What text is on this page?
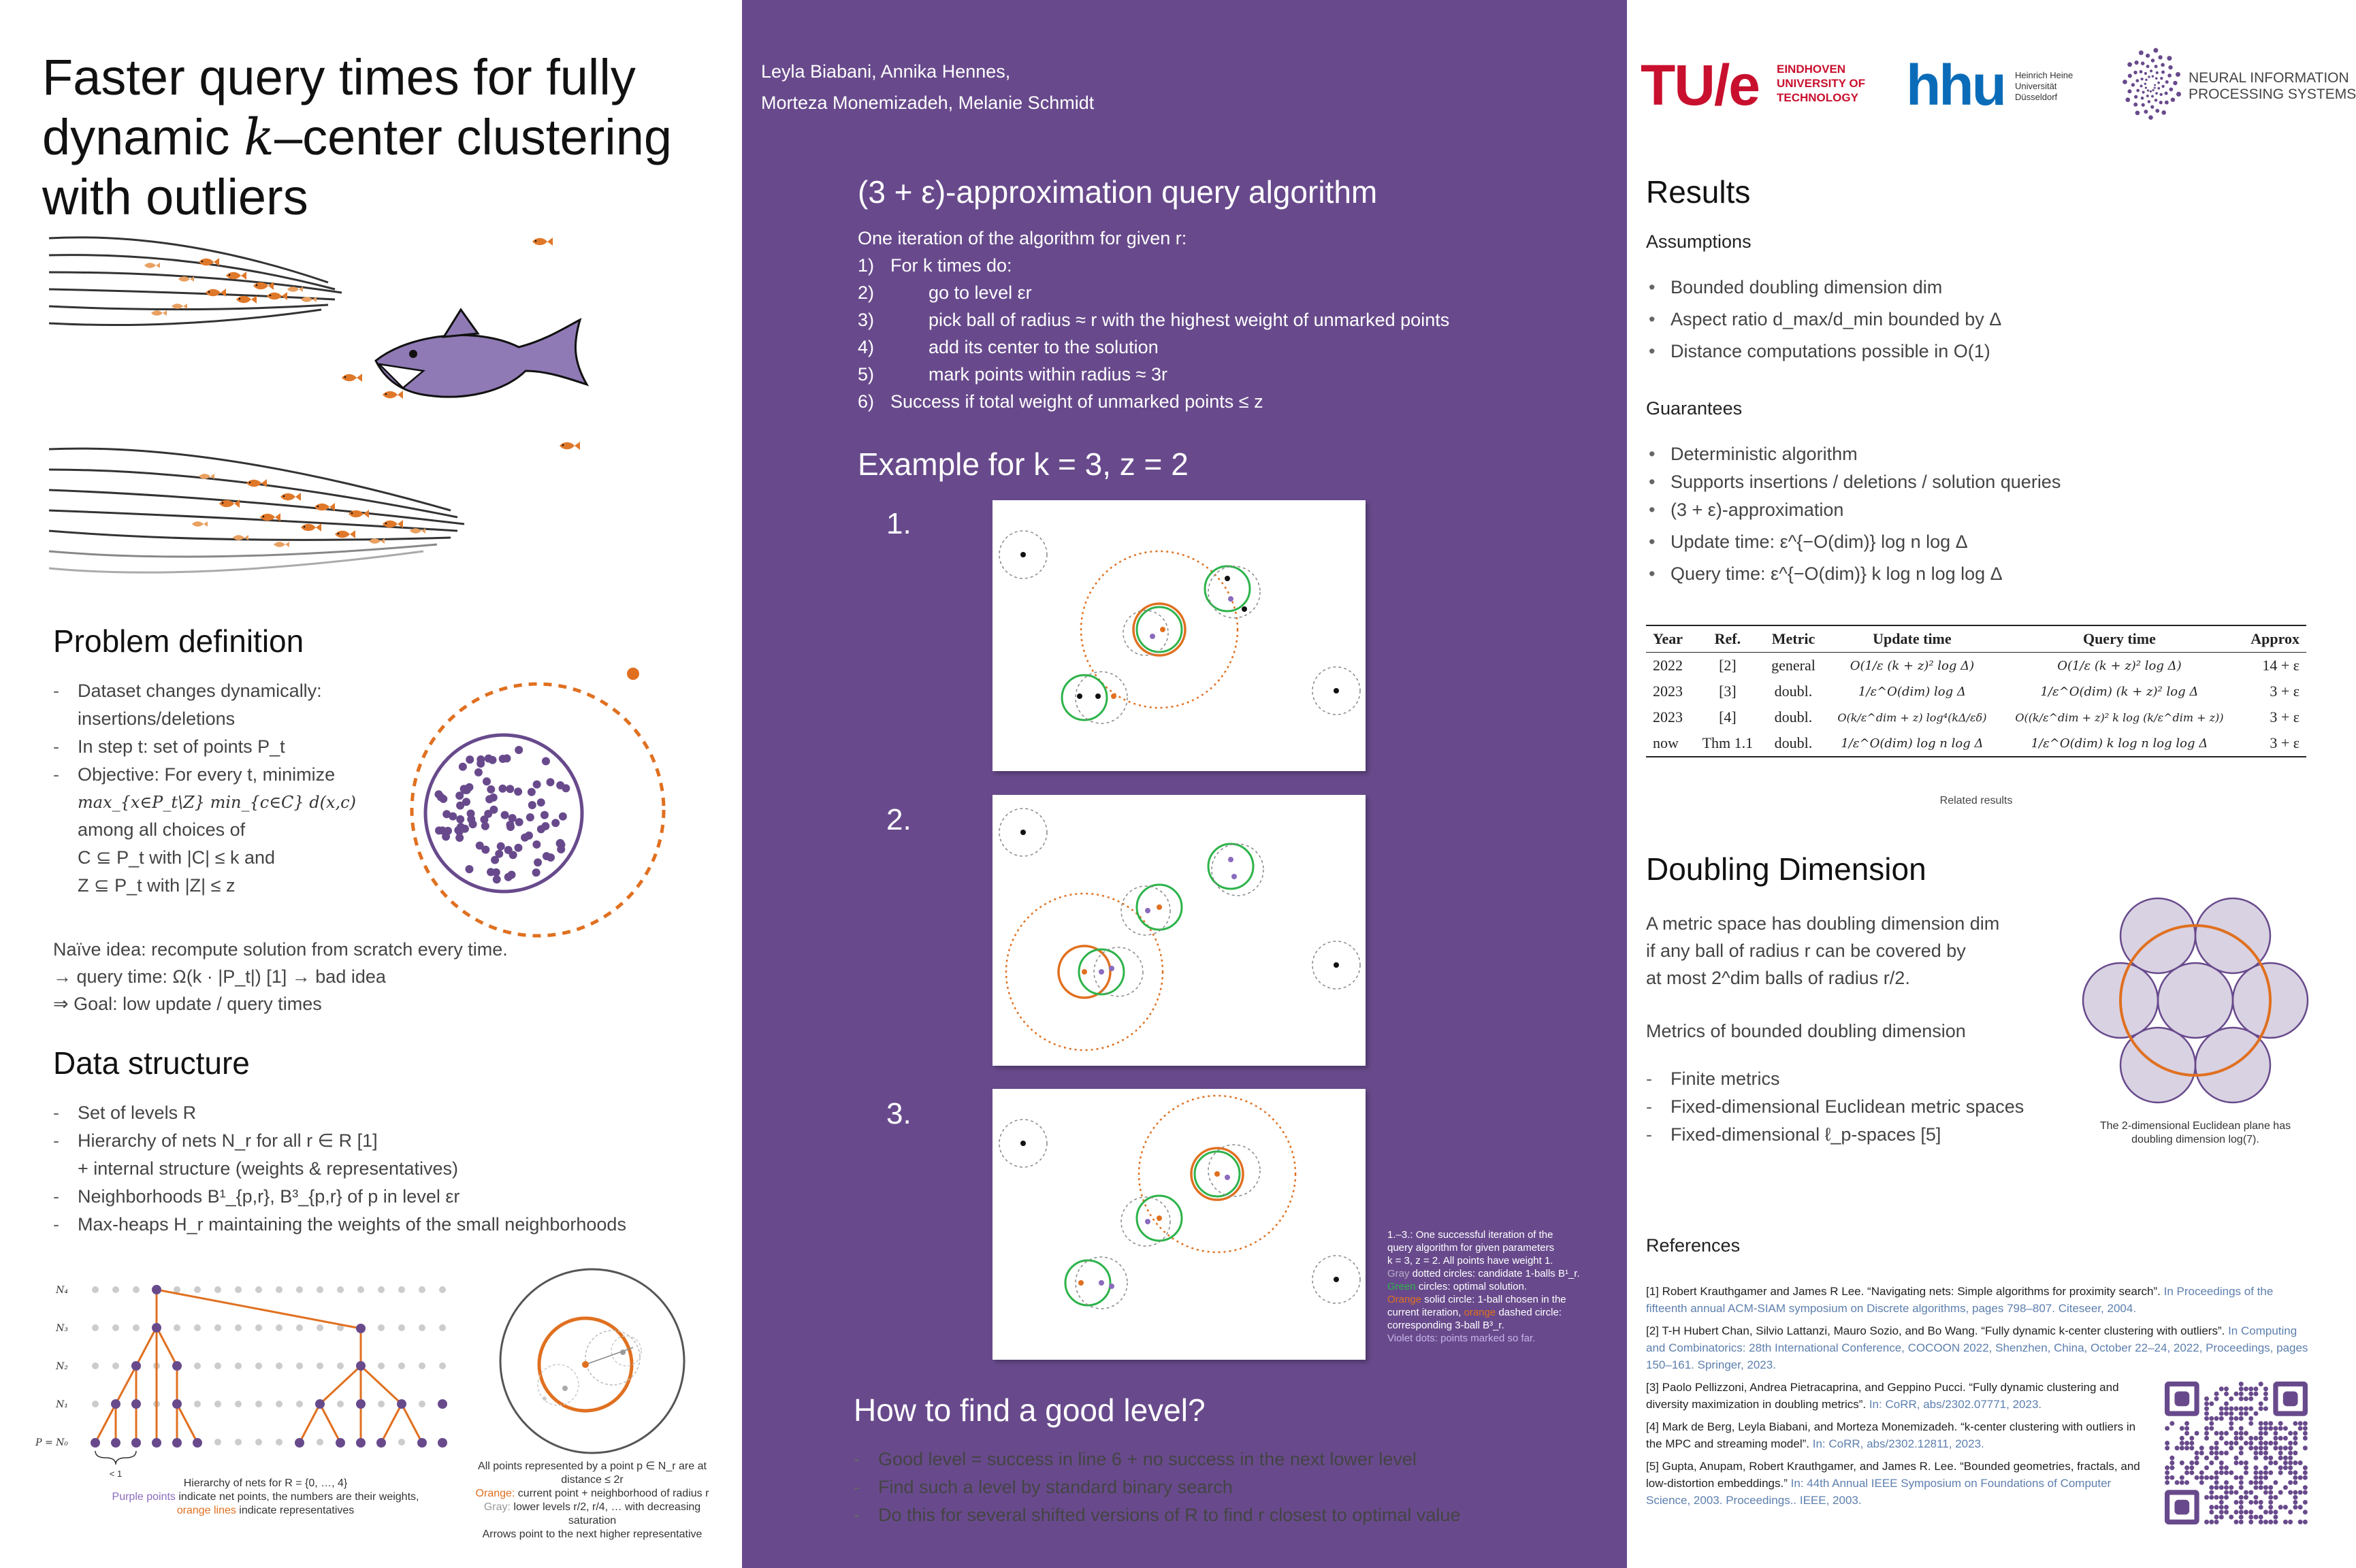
Faster query times for fully
dynamic k–center clustering
with outliers
Problem definition
- Dataset changes dynamically:
insertions/deletions
- In step t: set of points P_t
- Objective: For every t, minimize
max_{x∈P_t\Z} min_{c∈C} d(x,c)
among all choices of
C ⊆ P_t with |C| ≤ k and
Z ⊆ P_t with |Z| ≤ z
Naïve idea: recompute solution from scratch every time.
→ query time: Ω(k · |P_t|) [1] → bad idea
⇒ Goal: low update / query times
Data structure
- Set of levels R
- Hierarchy of nets N_r for all r ∈ R [1]
+ internal structure (weights & representatives)
- Neighborhoods B¹_{p,r}, B³_{p,r} of p in level εr
- Max-heaps H_r maintaining the weights of the small neighborhoods
N₄
N₃
N₂
N₁
P = N₀
< 1
Hierarchy of nets for R = {0, …, 4}
Purple points indicate net points, the numbers are their weights,
orange lines indicate representatives
All points represented by a point p ∈ N_r are at
distance ≤ 2r
Orange: current point + neighborhood of radius r
Gray: lower levels r/2, r/4, … with decreasing saturation
Arrows point to the next higher representative
Leyla Biabani, Annika Hennes,
Morteza Monemizadeh, Melanie Schmidt
(3 + ε)-approximation query algorithm
One iteration of the algorithm for given r:
1) For k times do:
2)	go to level εr
3)	pick ball of radius ≈ r with the highest weight of unmarked points
4)	add its center to the solution
5)	mark points within radius ≈ 3r
6) Success if total weight of unmarked points ≤ z
Example for k = 3, z = 2
1.
2.
3.
1.–3.: One successful iteration of the
query algorithm for given parameters
k = 3, z = 2. All points have weight 1.
Gray dotted circles: candidate 1-balls B¹_r.
Green circles: optimal solution.
Orange solid circle: 1-ball chosen in the
current iteration, orange dashed circle:
corresponding 3-ball B³_r.
Violet dots: points marked so far.
How to find a good level?
- Good level = success in line 6 + no success in the next lower level
- Find such a level by standard binary search
- Do this for several shifted versions of R to find r closest to optimal value
TU/e EINDHOVEN
UNIVERSITY OF
TECHNOLOGY hhu Heinrich Heine
Universität
Düsseldorf
NEURAL INFORMATION
PROCESSING SYSTEMS
Results
Assumptions
• Bounded doubling dimension dim
• Aspect ratio d_max/d_min bounded by Δ
• Distance computations possible in O(1)
Guarantees
• Deterministic algorithm
• Supports insertions / deletions / solution queries
• (3 + ε)-approximation
• Update time: ε^{−O(dim)} log n log Δ
• Query time: ε^{−O(dim)} k log n log log Δ
Year	Ref.	Metric	Update time	Query time	Approx
2022	[2]	general	O(1/ε (k + z)² log Δ)	O(1/ε (k + z)² log Δ)	14 + ε
2023	[3]	doubl.	1/ε^O(dim) log Δ	1/ε^O(dim) (k + z)² log Δ	3 + ε
2023	[4]	doubl.	O(k/ε^dim + z) log⁴(kΔ/εδ)	O((k/ε^dim + z)² k log (k/ε^dim + z))	3 + ε
now	Thm 1.1	doubl.	1/ε^O(dim) log n log Δ	1/ε^O(dim) k log n log log Δ	3 + ε
Related results
Doubling Dimension
A metric space has doubling dimension dim
if any ball of radius r can be covered by
at most 2^dim balls of radius r/2.
Metrics of bounded doubling dimension
- Finite metrics
- Fixed-dimensional Euclidean metric spaces
- Fixed-dimensional ℓ_p-spaces [5]	The 2-dimensional Euclidean plane has
doubling dimension log(7).
References
[1] Robert Krauthgamer and James R Lee. “Navigating nets: Simple algorithms for proximity search”. In Proceedings of the fifteenth annual ACM-SIAM symposium on Discrete algorithms, pages 798–807. Citeseer, 2004.
[2] T-H Hubert Chan, Silvio Lattanzi, Mauro Sozio, and Bo Wang. “Fully dynamic k-center clustering with outliers”. In Computing and Combinatorics: 28th International Conference, COCOON 2022, Shenzhen, China, October 22–24, 2022, Proceedings, pages 150–161. Springer, 2023.
[3] Paolo Pellizzoni, Andrea Pietracaprina, and Geppino Pucci. “Fully dynamic clustering and diversity maximization in doubling metrics”. In: CoRR, abs/2302.07771, 2023.
[4] Mark de Berg, Leyla Biabani, and Morteza Monemizadeh. “k-center clustering with outliers in the MPC and streaming model”. In: CoRR, abs/2302.12811, 2023.
[5] Gupta, Anupam, Robert Krauthgamer, and James R. Lee. “Bounded geometries, fractals, and low-distortion embeddings.” In: 44th Annual IEEE Symposium on Foundations of Computer Science, 2003. Proceedings.. IEEE, 2003.
